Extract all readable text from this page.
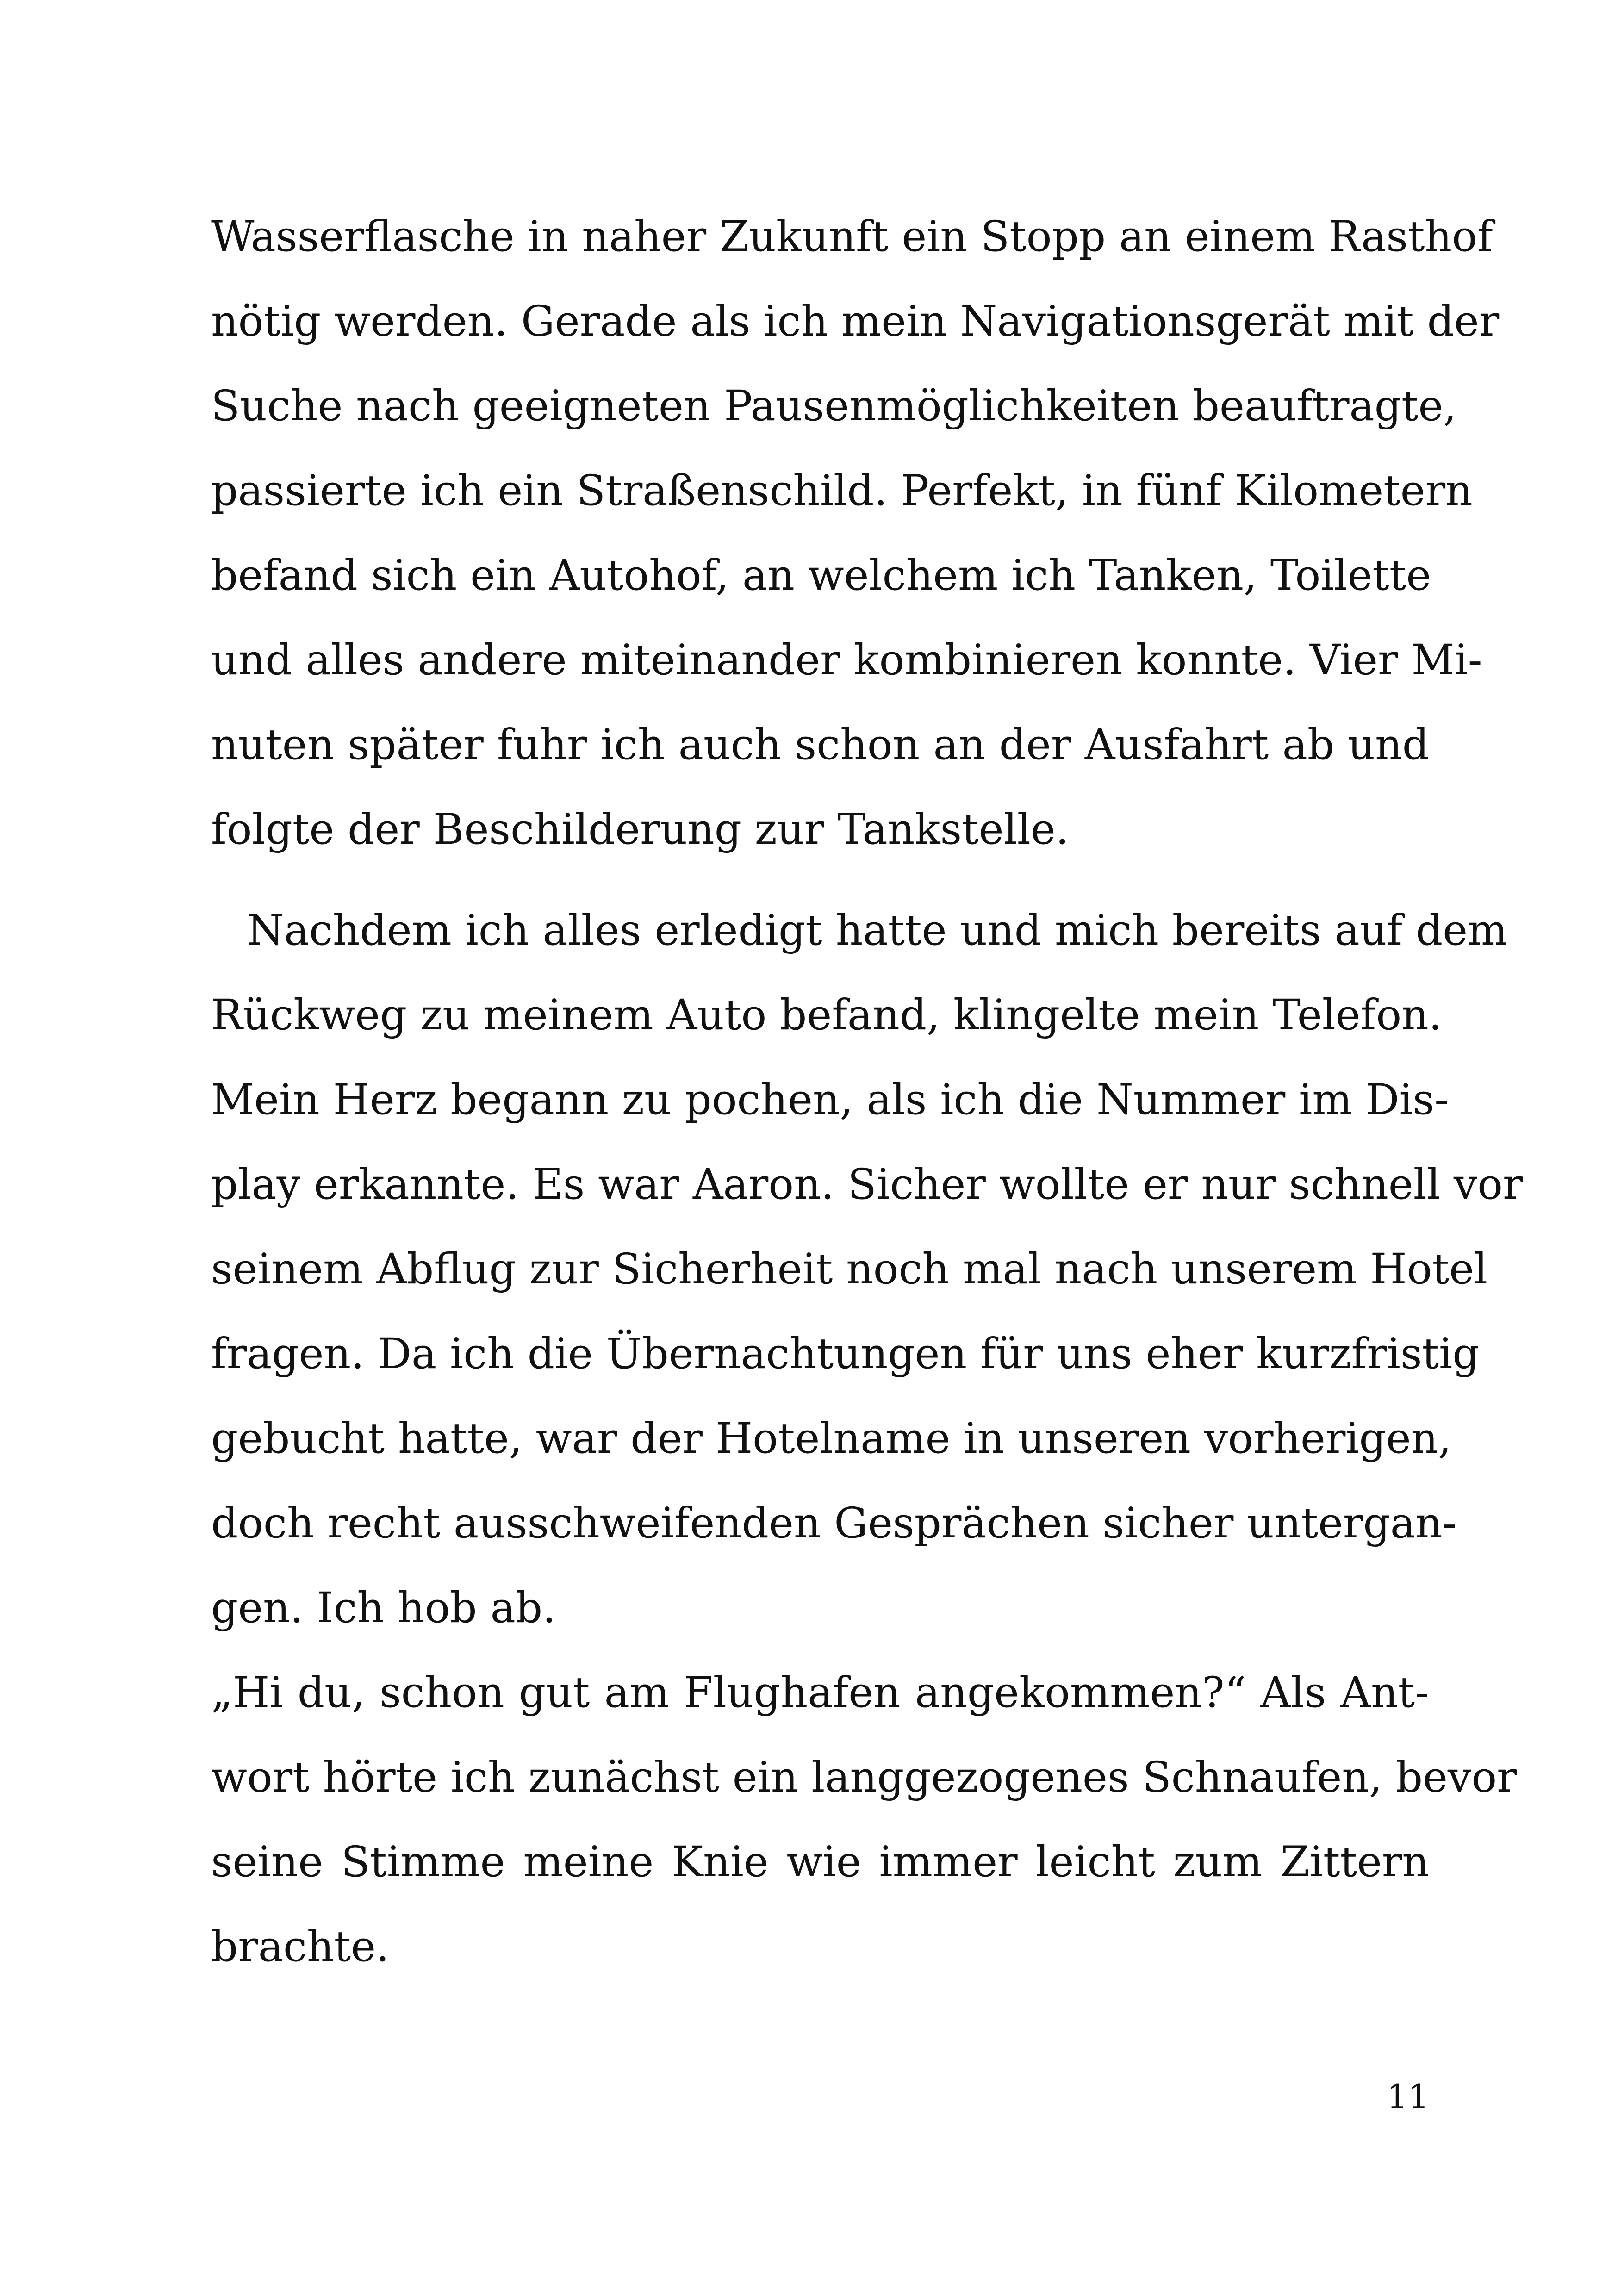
Wasserflasche in naher Zukunft ein Stopp an einem Rasthof
nötig werden. Gerade als ich mein Navigationsgerät mit der
Suche nach geeigneten Pausenmöglichkeiten beauftragte,
passierte ich ein Straßenschild. Perfekt, in fünf Kilometern
befand sich ein Autohof, an welchem ich Tanken, Toilette
und alles andere miteinander kombinieren konnte. Vier Mi-
nuten später fuhr ich auch schon an der Ausfahrt ab und
folgte der Beschilderung zur Tankstelle.
Nachdem ich alles erledigt hatte und mich bereits auf dem
Rückweg zu meinem Auto befand, klingelte mein Telefon.
Mein Herz begann zu pochen, als ich die Nummer im Dis-
play erkannte. Es war Aaron. Sicher wollte er nur schnell vor
seinem Abflug zur Sicherheit noch mal nach unserem Hotel
fragen. Da ich die Übernachtungen für uns eher kurzfristig
gebucht hatte, war der Hotelname in unseren vorherigen,
doch recht ausschweifenden Gesprächen sicher untergan-
gen. Ich hob ab.
„Hi du, schon gut am Flughafen angekommen?“ Als Ant-
wort hörte ich zunächst ein langgezogenes Schnaufen, bevor
seine Stimme meine Knie wie immer leicht zum Zittern
brachte.
11
